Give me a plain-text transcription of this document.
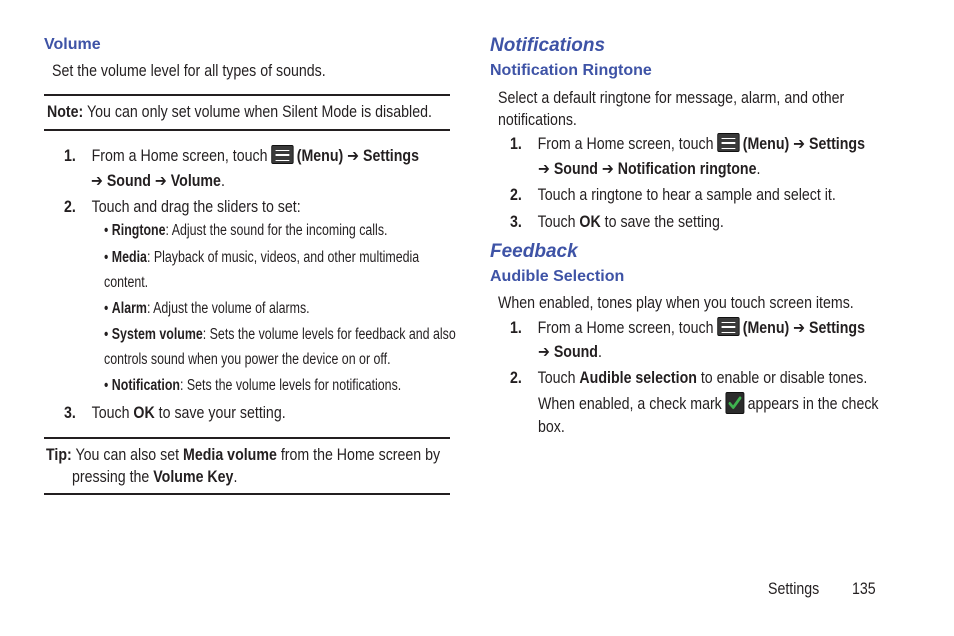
Volume
Set the volume level for all types of sounds.
Note: You can only set volume when Silent Mode is disabled.
1. From a Home screen, touch (Menu) ➔ Settings
➔ Sound ➔ Volume.
2. Touch and drag the sliders to set:
• Ringtone: Adjust the sound for the incoming calls.
• Media: Playback of music, videos, and other multimedia
content.
• Alarm: Adjust the volume of alarms.
• System volume: Sets the volume levels for feedback and also
controls sound when you power the device on or off.
• Notification: Sets the volume levels for notifications.
3. Touch OK to save your setting.
Tip: You can also set Media volume from the Home screen by
pressing the Volume Key.
Notifications
Notification Ringtone
Select a default ringtone for message, alarm, and other
notifications.
1. From a Home screen, touch (Menu) ➔ Settings
➔ Sound ➔ Notification ringtone.
2. Touch a ringtone to hear a sample and select it.
3. Touch OK to save the setting.
Feedback
Audible Selection
When enabled, tones play when you touch screen items.
1. From a Home screen, touch (Menu) ➔ Settings
➔ Sound.
2. Touch Audible selection to enable or disable tones.
When enabled, a check mark appears in the check
box.
Settings 135
